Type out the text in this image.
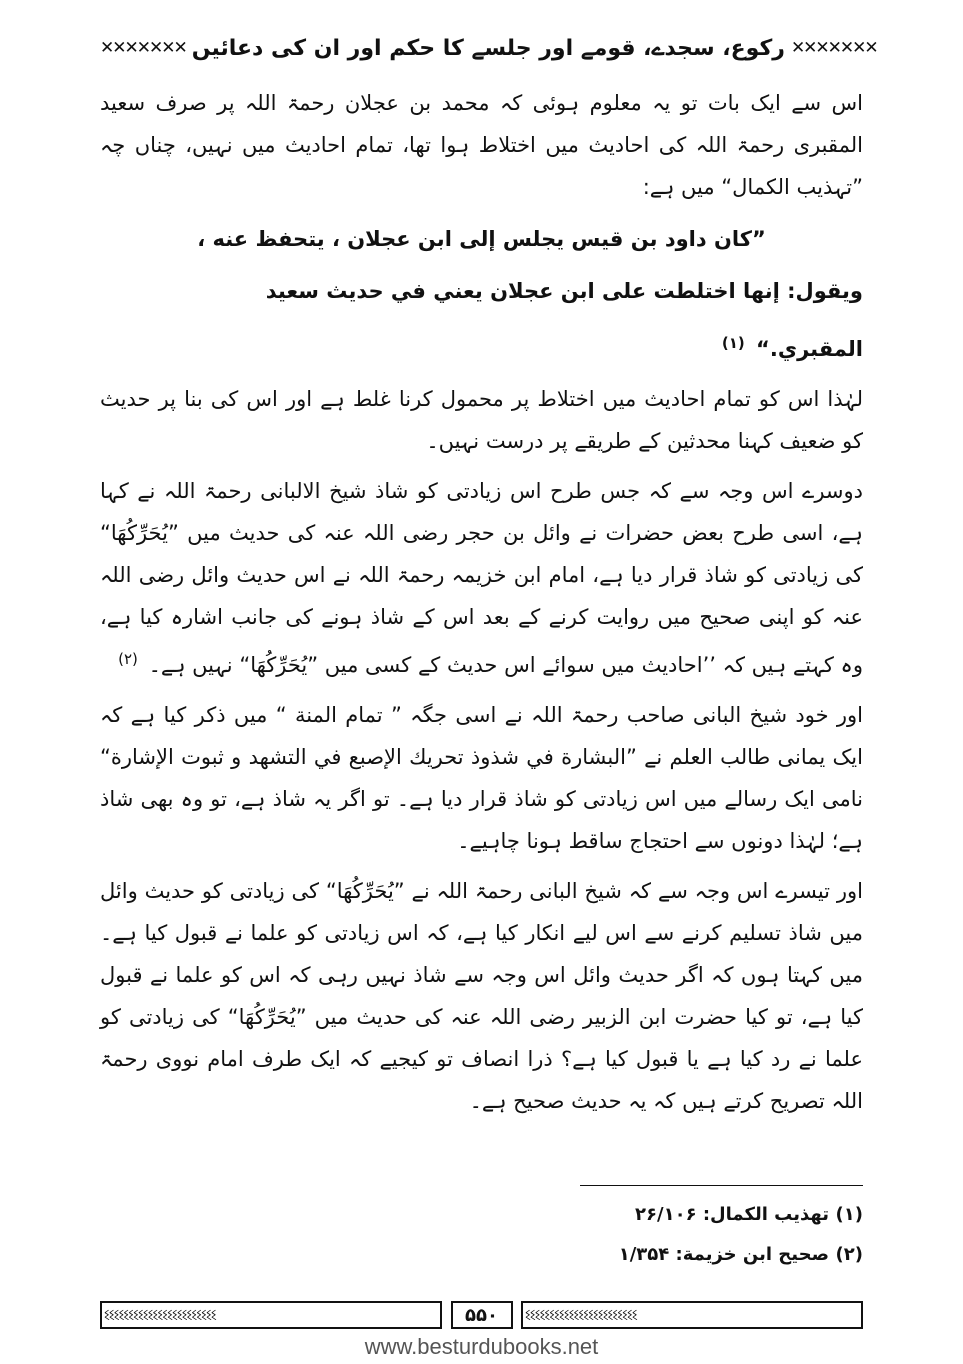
✕✕✕✕✕✕✕ رکوع، سجدے، قومے اور جلسے کا حکم اور ان کی دعائیں ✕✕✕✕✕✕✕

اس سے ایک بات تو یہ معلوم ہوئی کہ محمد بن عجلان رحمۃ اللہ پر صرف سعید المقبری رحمۃ اللہ کی احادیث میں اختلاط ہوا تھا، تمام احادیث میں نہیں، چناں چہ ”تہذیب الکمال“ میں ہے:

”كان داود بن قيس يجلس إلى ابن عجلان ، يتحفظ عنه ،

ويقول: إنها اختلطت على ابن عجلان يعني في حديث سعيد

المقبري.“ $^{(۱)}$

لہٰذا اس کو تمام احادیث میں اختلاط پر محمول کرنا غلط ہے اور اس کی بنا پر حدیث کو ضعیف کہنا محدثین کے طریقے پر درست نہیں۔

دوسرے اس وجہ سے کہ جس طرح اس زیادتی کو شاذ شیخ الالبانی رحمۃ اللہ نے کہا ہے، اسی طرح بعض حضرات نے وائل بن حجر رضی اللہ عنہ کی حدیث میں ”یُحَرِّکُھَا“ کی زیادتی کو شاذ قرار دیا ہے، امام ابن خزیمہ رحمۃ اللہ نے اس حدیث وائل رضی اللہ عنہ کو اپنی صحیح میں روایت کرنے کے بعد اس کے شاذ ہونے کی جانب اشارہ کیا ہے، وہ کہتے ہیں کہ ’’احادیث میں سوائے اس حدیث کے کسی میں ”یُحَرِّکُھَا“ نہیں ہے۔ $^{(۲)}$

اور خود شیخ البانی صاحب رحمۃ اللہ نے اسی جگہ ” تمام المنة “ میں ذکر کیا ہے کہ ایک یمانی طالب العلم نے ”البشارة في شذوذ تحريك الإصبع في التشهد و ثبوت الإشارة“ نامی ایک رسالے میں اس زیادتی کو شاذ قرار دیا ہے۔ تو اگر یہ شاذ ہے، تو وہ بھی شاذ ہے؛ لہٰذا دونوں سے احتجاج ساقط ہونا چاہیے۔

اور تیسرے اس وجہ سے کہ شیخ البانی رحمۃ اللہ نے ”یُحَرِّکُھَا“ کی زیادتی کو حدیث وائل میں شاذ تسلیم کرنے سے اس لیے انکار کیا ہے، کہ اس زیادتی کو علما نے قبول کیا ہے۔ میں کہتا ہوں کہ اگر حدیث وائل اس وجہ سے شاذ نہیں رہی کہ اس کو علما نے قبول کیا ہے، تو کیا حضرت ابن الزبیر رضی اللہ عنہ کی حدیث میں ”یُحَرِّکُھَا“ کی زیادتی کو علما نے رد کیا ہے یا قبول کیا ہے؟ ذرا انصاف تو کیجیے کہ ایک طرف امام نووی رحمۃ اللہ تصریح کرتے ہیں کہ یہ حدیث صحیح ہے۔

(۱)تهذيب الكمال: ۲۶/۱۰۶
(۲)صحيح ابن خزيمة: ۱/۳۵۴
ଽଽଽଽଽଽଽଽଽଽଽଽଽଽଽଽଽଽଽଽଽଽଽ	۵۵۰	ଽଽଽଽଽଽଽଽଽଽଽଽଽଽଽଽଽଽଽଽଽଽଽ
www.besturdubooks.net
